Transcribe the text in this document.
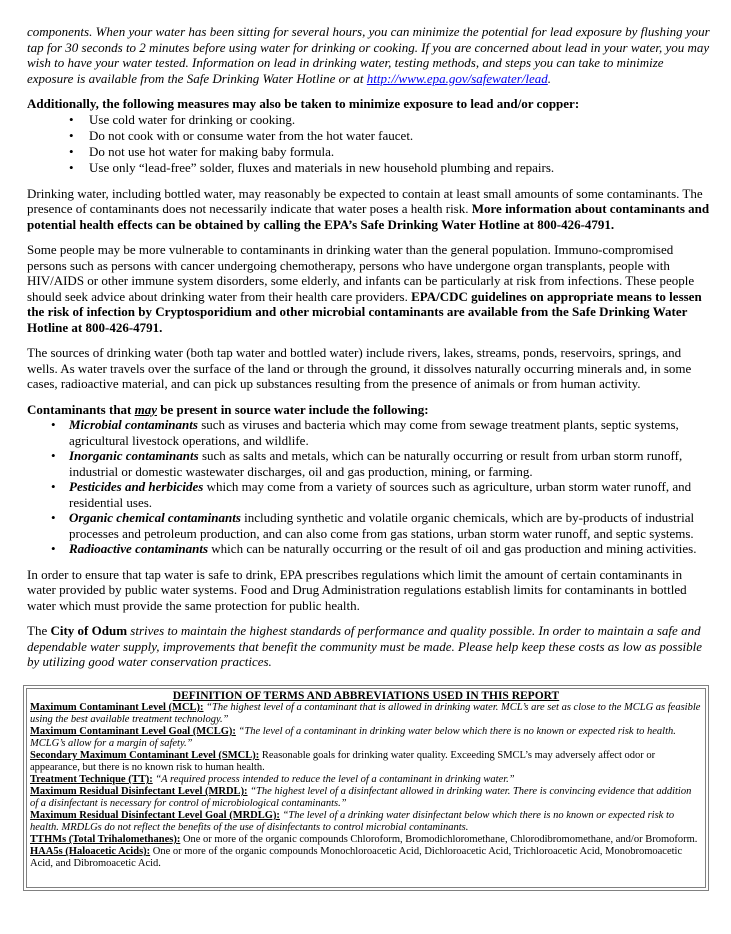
components. When your water has been sitting for several hours, you can minimize the potential for lead exposure by flushing your tap for 30 seconds to 2 minutes before using water for drinking or cooking. If you are concerned about lead in your water, you may wish to have your water tested. Information on lead in drinking water, testing methods, and steps you can take to minimize exposure is available from the Safe Drinking Water Hotline or at http://www.epa.gov/safewater/lead.

Additionally, the following measures may also be taken to minimize exposure to lead and/or copper:

• Use cold water for drinking or cooking.
• Do not cook with or consume water from the hot water faucet.
• Do not use hot water for making baby formula.
• Use only “lead-free” solder, fluxes and materials in new household plumbing and repairs.

Drinking water, including bottled water, may reasonably be expected to contain at least small amounts of some contaminants. The presence of contaminants does not necessarily indicate that water poses a health risk. More information about contaminants and potential health effects can be obtained by calling the EPA’s Safe Drinking Water Hotline at 800-426-4791.

Some people may be more vulnerable to contaminants in drinking water than the general population. Immuno-compromised persons such as persons with cancer undergoing chemotherapy, persons who have undergone organ transplants, people with HIV/AIDS or other immune system disorders, some elderly, and infants can be particularly at risk from infections. These people should seek advice about drinking water from their health care providers. EPA/CDC guidelines on appropriate means to lessen the risk of infection by Cryptosporidium and other microbial contaminants are available from the Safe Drinking Water Hotline at 800-426-4791.

The sources of drinking water (both tap water and bottled water) include rivers, lakes, streams, ponds, reservoirs, springs, and wells. As water travels over the surface of the land or through the ground, it dissolves naturally occurring minerals and, in some cases, radioactive material, and can pick up substances resulting from the presence of animals or from human activity.

Contaminants that may be present in source water include the following:

• Microbial contaminants such as viruses and bacteria which may come from sewage treatment plants, septic systems, agricultural livestock operations, and wildlife.
• Inorganic contaminants such as salts and metals, which can be naturally occurring or result from urban storm runoff, industrial or domestic wastewater discharges, oil and gas production, mining, or farming.
• Pesticides and herbicides which may come from a variety of sources such as agriculture, urban storm water runoff, and residential uses.
• Organic chemical contaminants including synthetic and volatile organic chemicals, which are by-products of industrial processes and petroleum production, and can also come from gas stations, urban storm water runoff, and septic systems.
• Radioactive contaminants which can be naturally occurring or the result of oil and gas production and mining activities.

In order to ensure that tap water is safe to drink, EPA prescribes regulations which limit the amount of certain contaminants in water provided by public water systems. Food and Drug Administration regulations establish limits for contaminants in bottled water which must provide the same protection for public health.

The City of Odum strives to maintain the highest standards of performance and quality possible. In order to maintain a safe and dependable water supply, improvements that benefit the community must be made. Please help keep these costs as low as possible by utilizing good water conservation practices.

DEFINITION OF TERMS AND ABBREVIATIONS USED IN THIS REPORT

Maximum Contaminant Level (MCL): “The highest level of a contaminant that is allowed in drinking water. MCL’s are set as close to the MCLG as feasible using the best available treatment technology.”

Maximum Contaminant Level Goal (MCLG): “The level of a contaminant in drinking water below which there is no known or expected risk to health. MCLG’s allow for a margin of safety.”

Secondary Maximum Contaminant Level (SMCL): Reasonable goals for drinking water quality. Exceeding SMCL’s may adversely affect odor or appearance, but there is no known risk to human health.

Treatment Technique (TT): “A required process intended to reduce the level of a contaminant in drinking water.”

Maximum Residual Disinfectant Level (MRDL): “The highest level of a disinfectant allowed in drinking water. There is convincing evidence that addition of a disinfectant is necessary for control of microbiological contaminants.”

Maximum Residual Disinfectant Level Goal (MRDLG): “The level of a drinking water disinfectant below which there is no known or expected risk to health. MRDLGs do not reflect the benefits of the use of disinfectants to control microbial contaminants.

TTHMs (Total Trihalomethanes): One or more of the organic compounds Chloroform, Bromodichloromethane, Chlorodibromomethane, and/or Bromoform.

HAA5s (Haloacetic Acids): One or more of the organic compounds Monochloroacetic Acid, Dichloroacetic Acid, Trichloroacetic Acid, Monobromoacetic Acid, and Dibromoacetic Acid.
